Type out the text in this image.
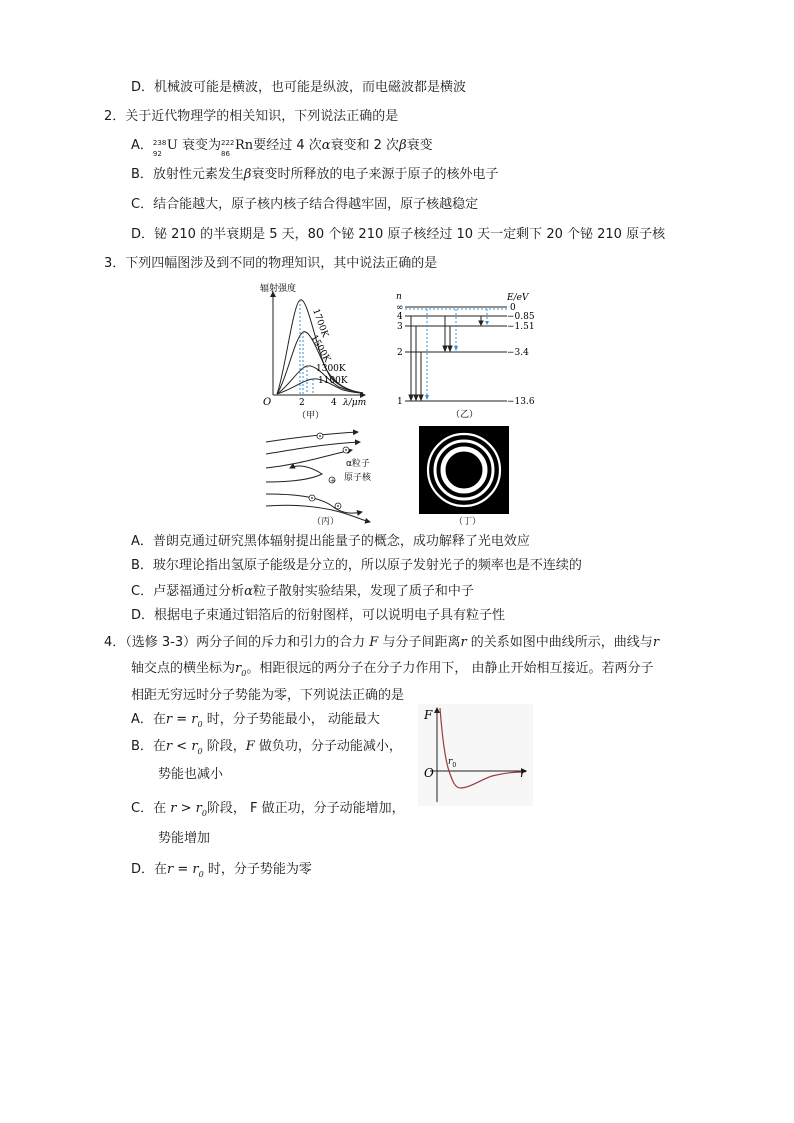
D．机械波可能是横波，也可能是纵波，而电磁波都是横波
2．关于近代物理学的相关知识，下列说法正确的是
A． 238
92
U 衰变为 222
86
Rn要经过 4 次α衰变和 2 次β衰变
B．放射性元素发生β衰变时所释放的电子来源于原子的核外电子
C．结合能越大，原子核内核子结合得越牢固，原子核越稳定
D．铋 210 的半衰期是 5 天，80 个铋 210 原子核经过 10 天一定剩下 20 个铋 210 原子核
3．下列四幅图涉及到不同的物理知识，其中说法正确的是
辐射强度
O	2	4 λ/μm
1700K
1500K
1300K
1100K
（甲）
n	E/eV
∞
4
3
2
1
0
−0.85
−1.51
−3.4
−13.6
（乙）
+
α粒子
原子核
（丙）	（丁）
A．普朗克通过研究黑体辐射提出能量子的概念，成功解释了光电效应
B．玻尔理论指出氢原子能级是分立的，所以原子发射光子的频率也是不连续的
C．卢瑟福通过分析α粒子散射实验结果，发现了质子和中子
D．根据电子束通过铝箔后的衍射图样，可以说明电子具有粒子性
4．（选修 3-3）两分子间的斥力和引力的合力 F 与分子间距离r 的关系如图中曲线所示，曲线与r
轴交点的横坐标为$r_0$。相距很远的两分子在分子力作用下， 由静止开始相互接近。若两分子
相距无穷远时分子势能为零，下列说法正确的是
A．在$r = r_0$ 时，分子势能最小， 动能最大
B．在$r < r_0$ 阶段，F 做负功，分子动能减小，
势能也减小
C．在 $r > r_0$阶段， F 做正功，分子动能增加，
势能增加
D．在$r = r_0$ 时，分子势能为零
F
r
O
$r_0$
